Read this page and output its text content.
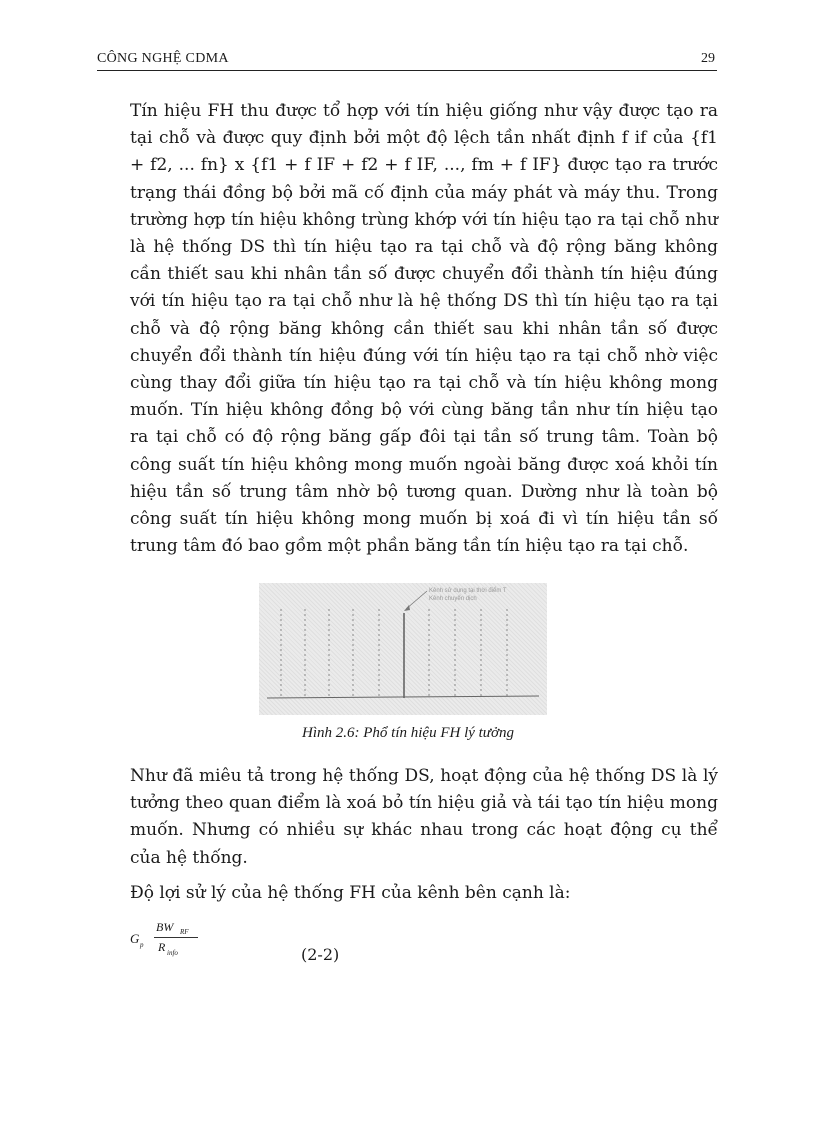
CÔNG NGHỆ CDMA	29

Tín hiệu FH thu được tổ hợp với tín hiệu giống như vậy được tạo ra tại chỗ và được quy định bởi một độ lệch tần nhất định f if của {f1 + f2, ... fn} x {f1 + f IF + f2 + f IF, ..., fm + f IF} được tạo ra trước trạng thái đồng bộ bởi mã cố định của máy phát và máy thu. Trong trường hợp tín hiệu không trùng khớp với tín hiệu tạo ra tại chỗ như là hệ thống DS thì tín hiệu tạo ra tại chỗ và độ rộng băng không cần thiết sau khi nhân tần số được chuyển đổi thành tín hiệu đúng với tín hiệu tạo ra tại chỗ như là hệ thống DS thì tín hiệu tạo ra tại chỗ và độ rộng băng không cần thiết sau khi nhân tần số được chuyển đổi thành tín hiệu đúng với tín hiệu tạo ra tại chỗ nhờ việc cùng thay đổi giữa tín hiệu tạo ra tại chỗ và tín hiệu không mong muốn. Tín hiệu không đồng bộ với cùng băng tần như tín hiệu tạo ra tại chỗ có độ rộng băng gấp đôi tại tần số trung tâm. Toàn bộ công suất tín hiệu không mong muốn ngoài băng được xoá khỏi tín hiệu tần số trung tâm nhờ bộ tương quan. Dường như là toàn bộ công suất tín hiệu không mong muốn bị xoá đi vì tín hiệu tần số trung tâm đó bao gồm một phần băng tần tín hiệu tạo ra tại chỗ.

Kênh sử dụng tại thời điểm T
Kênh chuyển dịch
Hình 2.6: Phổ tín hiệu FH lý tưởng

Như đã miêu tả trong hệ thống DS, hoạt động của hệ thống DS là lý tưởng theo quan điểm là xoá bỏ tín hiệu giả và tái tạo tín hiệu mong muốn. Nhưng có nhiều sự khác nhau trong các hoạt động cụ thể của hệ thống.

Độ lợi sử lý của hệ thống FH của kênh bên cạnh là:

G p
BW RF
R info	(2-2)
